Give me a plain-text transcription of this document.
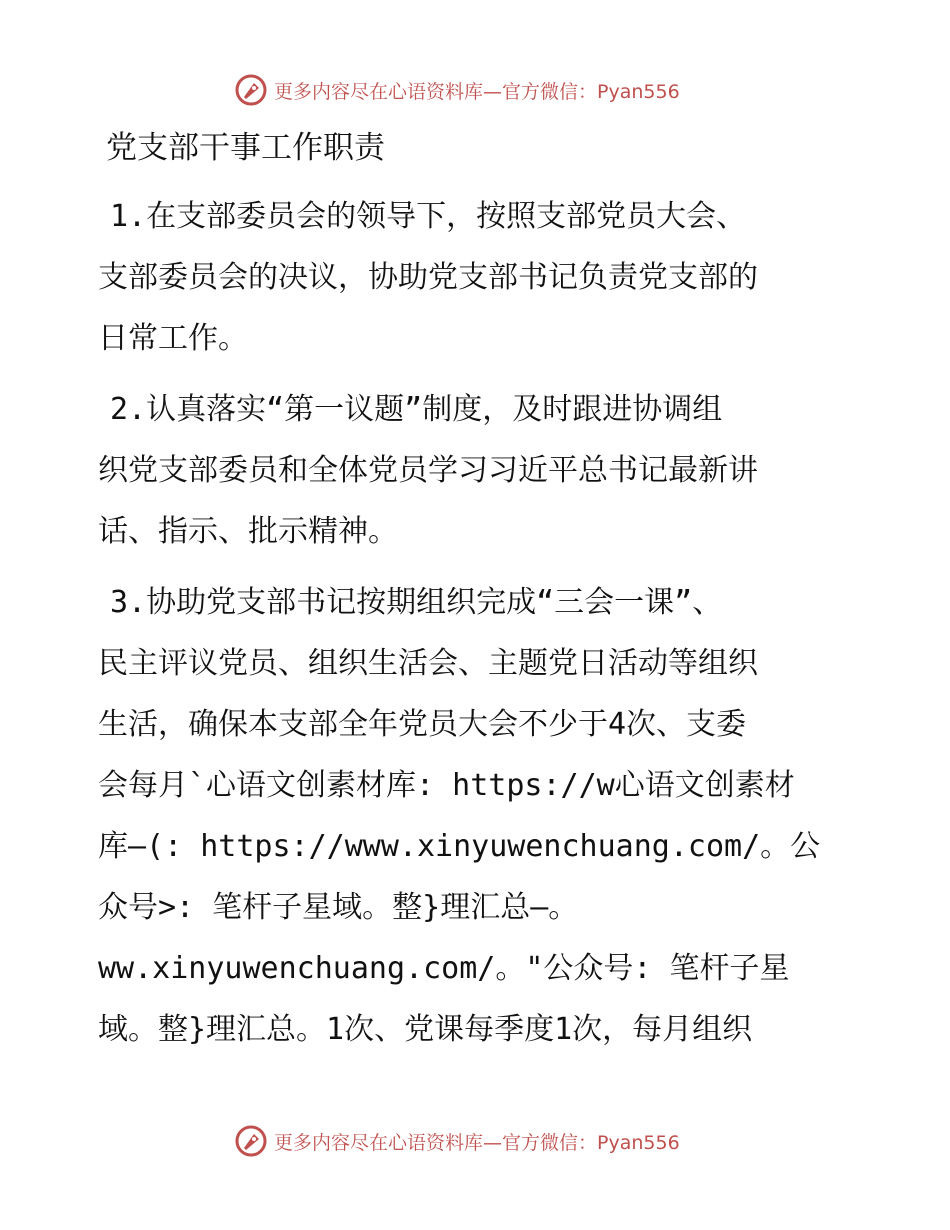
更多内容尽在心语资料库—官方微信：Pyan556
党支部干事工作职责

1.在支部委员会的领导下，按照支部党员大会、
支部委员会的决议，协助党支部书记负责党支部的
日常工作。

2.认真落实“第一议题”制度，及时跟进协调组
织党支部委员和全体党员学习习近平总书记最新讲
话、指示、批示精神。

3.协助党支部书记按期组织完成“三会一课”、
民主评议党员、组织生活会、主题党日活动等组织
生活，确保本支部全年党员大会不少于4次、支委
会每月`心语文创素材库: https://w心语文创素材
库—(: https://www.xinyuwenchuang.com/。公
众号>: 笔杆子星域。整}理汇总—。
ww.xinyuwenchuang.com/。"公众号: 笔杆子星
域。整}理汇总。1次、党课每季度1次，每月组织

更多内容尽在心语资料库—官方微信：Pyan556
